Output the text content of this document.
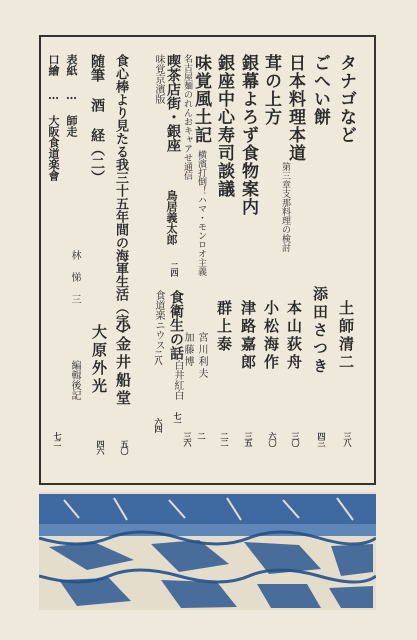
タナゴなど
土師清二
三八
ごへい餅
添田さつき
四三
日本料理本道
第三章支那料理の検討
本山荻舟
三〇
茸の上方
小松海作
六〇
銀幕よろず食物案内
津路嘉郎
三五
銀座中心寿司談議
群上泰
二二
味覚風土記
横濱打倒！ハマ・モンロオ主義
宮川利夫
二
名古屋麺のれんおキャアせ通信
加藤博
三六
喫茶店街・銀座
鳥居義太郎
二四
味覚京濱版
二八 食衛生の話
白井紅白
七一
食道楽ニウス
六四
食心棒より見たる我三十五年間の海軍生活（完）
小金井船堂
五〇
随筆 酒 経（二）
大原外光
四六
表紙 … 師走
林悌三
編輯後記
口繪 … 大阪食道楽會
七二
